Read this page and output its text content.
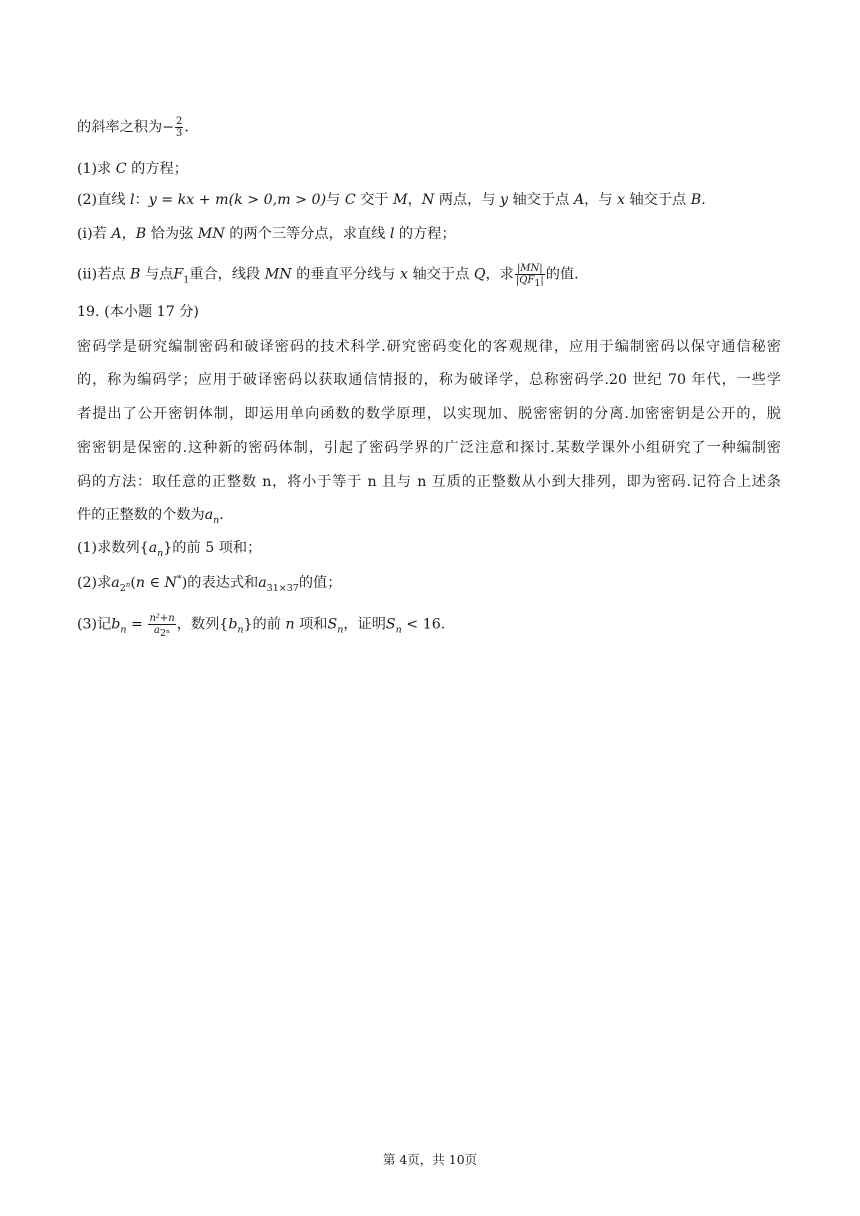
的斜率之积为− $\frac{2}{3}$ .
(1)求 C 的方程；
(2)直线 l：y = kx + m(k > 0,m > 0)与 C 交于 M，N 两点，与 y 轴交于点 A，与 x 轴交于点 B.
(ⅰ)若 A，B 恰为弦 MN 的两个三等分点，求直线 l 的方程；
(ⅱ)若点 B 与点$F_1$重合，线段 MN 的垂直平分线与 x 轴交于点 Q，求 $\frac{|MN|}{|QF_1|}$ 的值.
19. (本小题 17 分)
密码学是研究编制密码和破译密码的技术科学.研究密码变化的客观规律，应用于编制密码以保守通信秘密
的，称为编码学；应用于破译密码以获取通信情报的，称为破译学，总称密码学.20 世纪 70 年代，一些学
者提出了公开密钥体制，即运用单向函数的数学原理，以实现加、脱密密钥的分离.加密密钥是公开的，脱
密密钥是保密的.这种新的密码体制，引起了密码学界的广泛注意和探讨.某数学课外小组研究了一种编制密
码的方法：取任意的正整数 n，将小于等于 n 且与 n 互质的正整数从小到大排列，即为密码.记符合上述条
件的正整数的个数为$a_n$.
(1)求数列$\{a_n\}$的前 5 项和；
(2)求$a_{2^n}(n$ ∈ N*)的表达式和$a_{31\times 37}$的值；
(3)记$b_n = \frac{\text{n²+n}}{a_{2^n}}$ ，数列$\{b_n\}$的前 n 项和$S_n$，证明$S_n < 16$.
第 4页，共 10页
